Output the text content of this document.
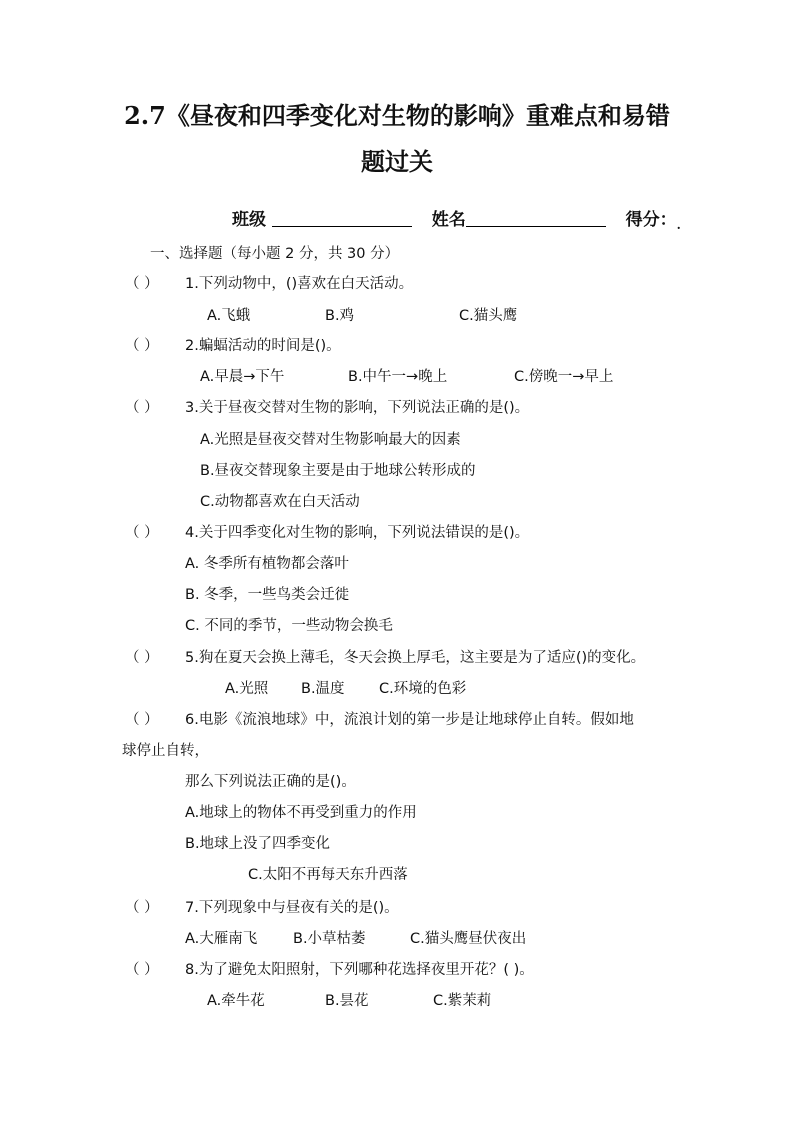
2.7《昼夜和四季变化对生物的影响》重难点和易错
题过关
班级	姓名	得分：$_.$
一、选择题（每小题 2 分，共 30 分）
（ ） 1.下列动物中，()喜欢在白天活动。
A.飞蛾	B.鸡	C.猫头鹰
（ ） 2.蝙蝠活动的时间是()。
A.早晨→下午	B.中午一→晚上	C.傍晚一→早上
（ ） 3.关于昼夜交替对生物的影响，下列说法正确的是()。
A.光照是昼夜交替对生物影响最大的因素
B.昼夜交替现象主要是由于地球公转形成的
C.动物都喜欢在白天活动
（ ） 4.关于四季变化对生物的影响，下列说法错误的是()。
A. 冬季所有植物都会落叶
B. 冬季，一些鸟类会迁徙
C. 不同的季节，一些动物会换毛
（ ） 5.狗在夏天会换上薄毛，冬天会换上厚毛，这主要是为了适应()的变化。
A.光照 B.温度 C.环境的色彩
（ ） 6.电影《流浪地球》中，流浪计划的第一步是让地球停止自转。假如地
球停止自转，
那么下列说法正确的是()。
A.地球上的物体不再受到重力的作用
B.地球上没了四季变化
C.太阳不再每天东升西落
（ ） 7.下列现象中与昼夜有关的是()。
A.大雁南飞 B.小草枯萎	C.猫头鹰昼伏夜出
（ ） 8.为了避免太阳照射，下列哪种花选择夜里开花？( )。
A.牵牛花	B.昙花	C.紫茉莉
